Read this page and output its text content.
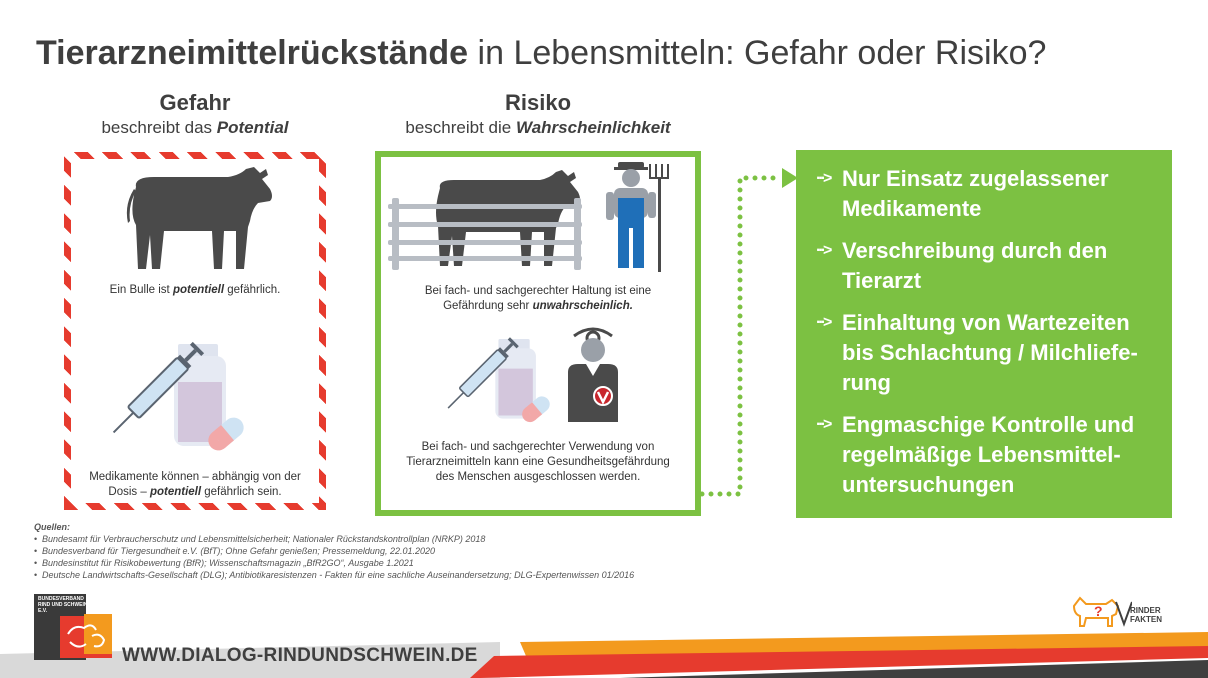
Tierarzneimittelrückstände in Lebensmitteln: Gefahr oder Risiko?
Gefahr
beschreibt das Potential
Risiko
beschreibt die Wahrscheinlichkeit
Ein Bulle ist potentiell gefährlich.
Medikamente können – abhängig von der Dosis – potentiell gefährlich sein.
Bei fach- und sachgerechter Haltung ist eine Gefährdung sehr unwahrscheinlich.
Bei fach- und sachgerechter Verwendung von Tierarzneimitteln kann eine Gesundheitsgefährdung des Menschen ausgeschlossen werden.
···> Nur Einsatz zugelassener Medikamente
···> Verschreibung durch den Tierarzt
···> Einhaltung von Wartezeiten bis Schlachtung / Milchlieferung
···> Engmaschige Kontrolle und regelmäßige Lebensmitteluntersuchungen
Quellen:
• Bundesamt für Verbraucherschutz und Lebensmittelsicherheit; Nationaler Rückstandskontrollplan (NRKP) 2018
• Bundesverband für Tiergesundheit e.V. (BfT); Ohne Gefahr genießen; Pressemeldung, 22.01.2020
• Bundesinstitut für Risikobewertung (BfR); Wissenschaftsmagazin „BfR2GO“, Ausgabe 1.2021
• Deutsche Landwirtschafts-Gesellschaft (DLG); Antibiotikaresistenzen - Fakten für eine sachliche Auseinandersetzung; DLG-Expertenwissen 01/2016
BUNDESVERBAND
RIND UND SCHWEIN E.V.
WWW.DIALOG-RINDUNDSCHWEIN.DE
?	RINDER
FAKTEN
